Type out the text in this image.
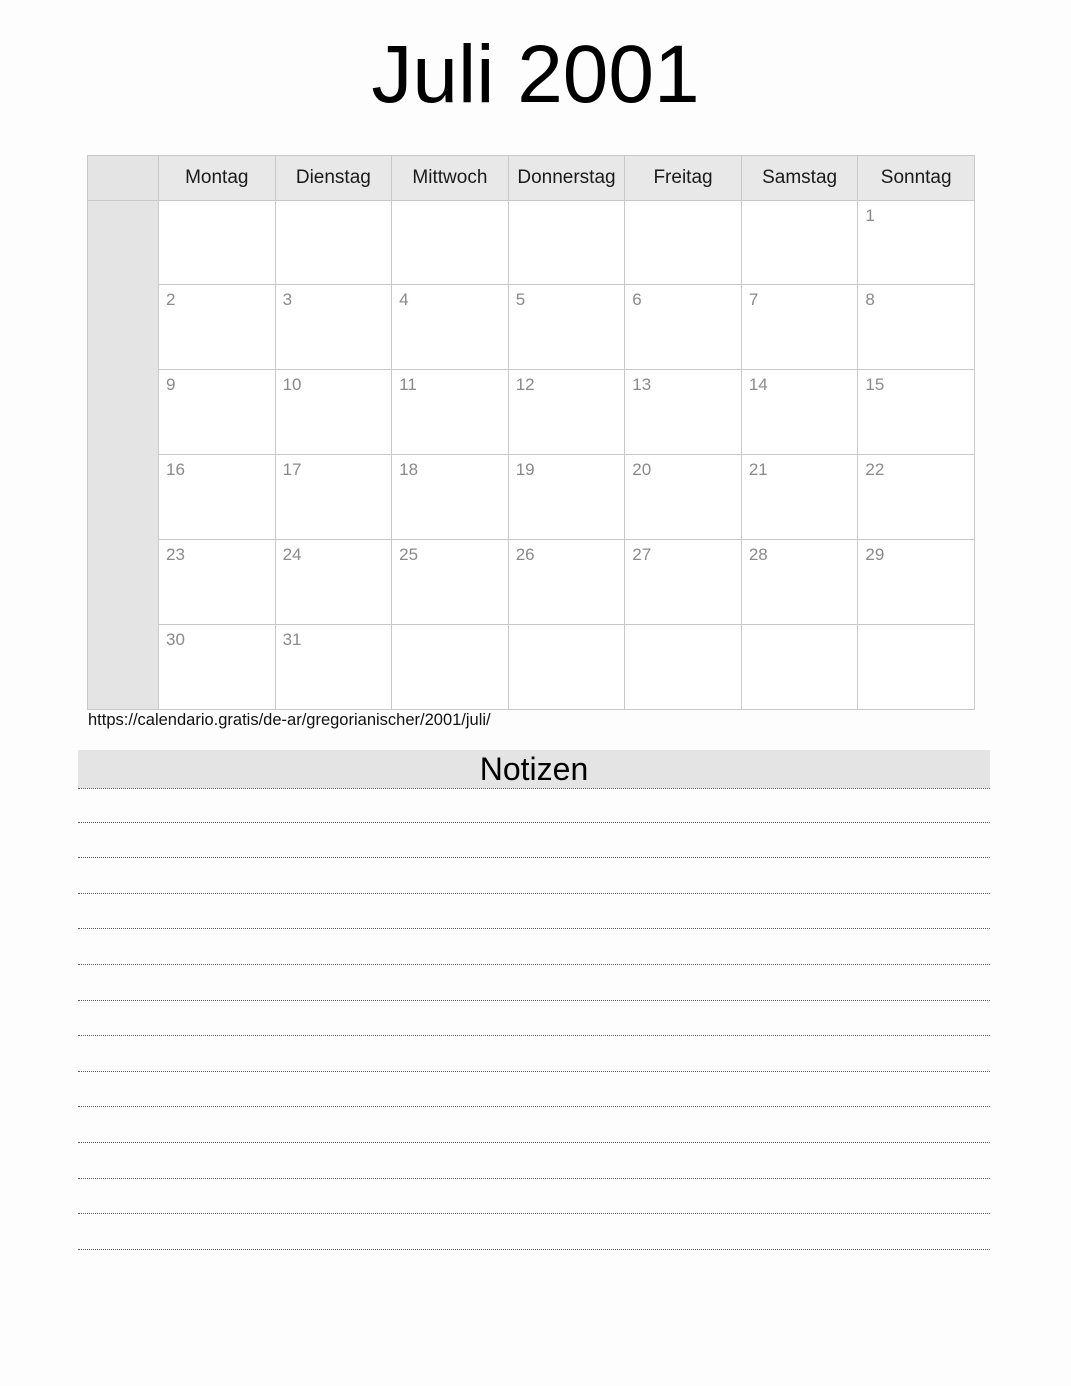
Juli 2001
	Montag	Dienstag	Mittwoch	Donnerstag	Freitag	Samstag	Sonntag

							1

	2	3	4	5	6	7	8

	9	10	11	12	13	14	15

	16	17	18	19	20	21	22

	23	24	25	26	27	28	29

	30	31					

https://calendario.gratis/de-ar/gregorianischer/2001/juli/
Notizen
